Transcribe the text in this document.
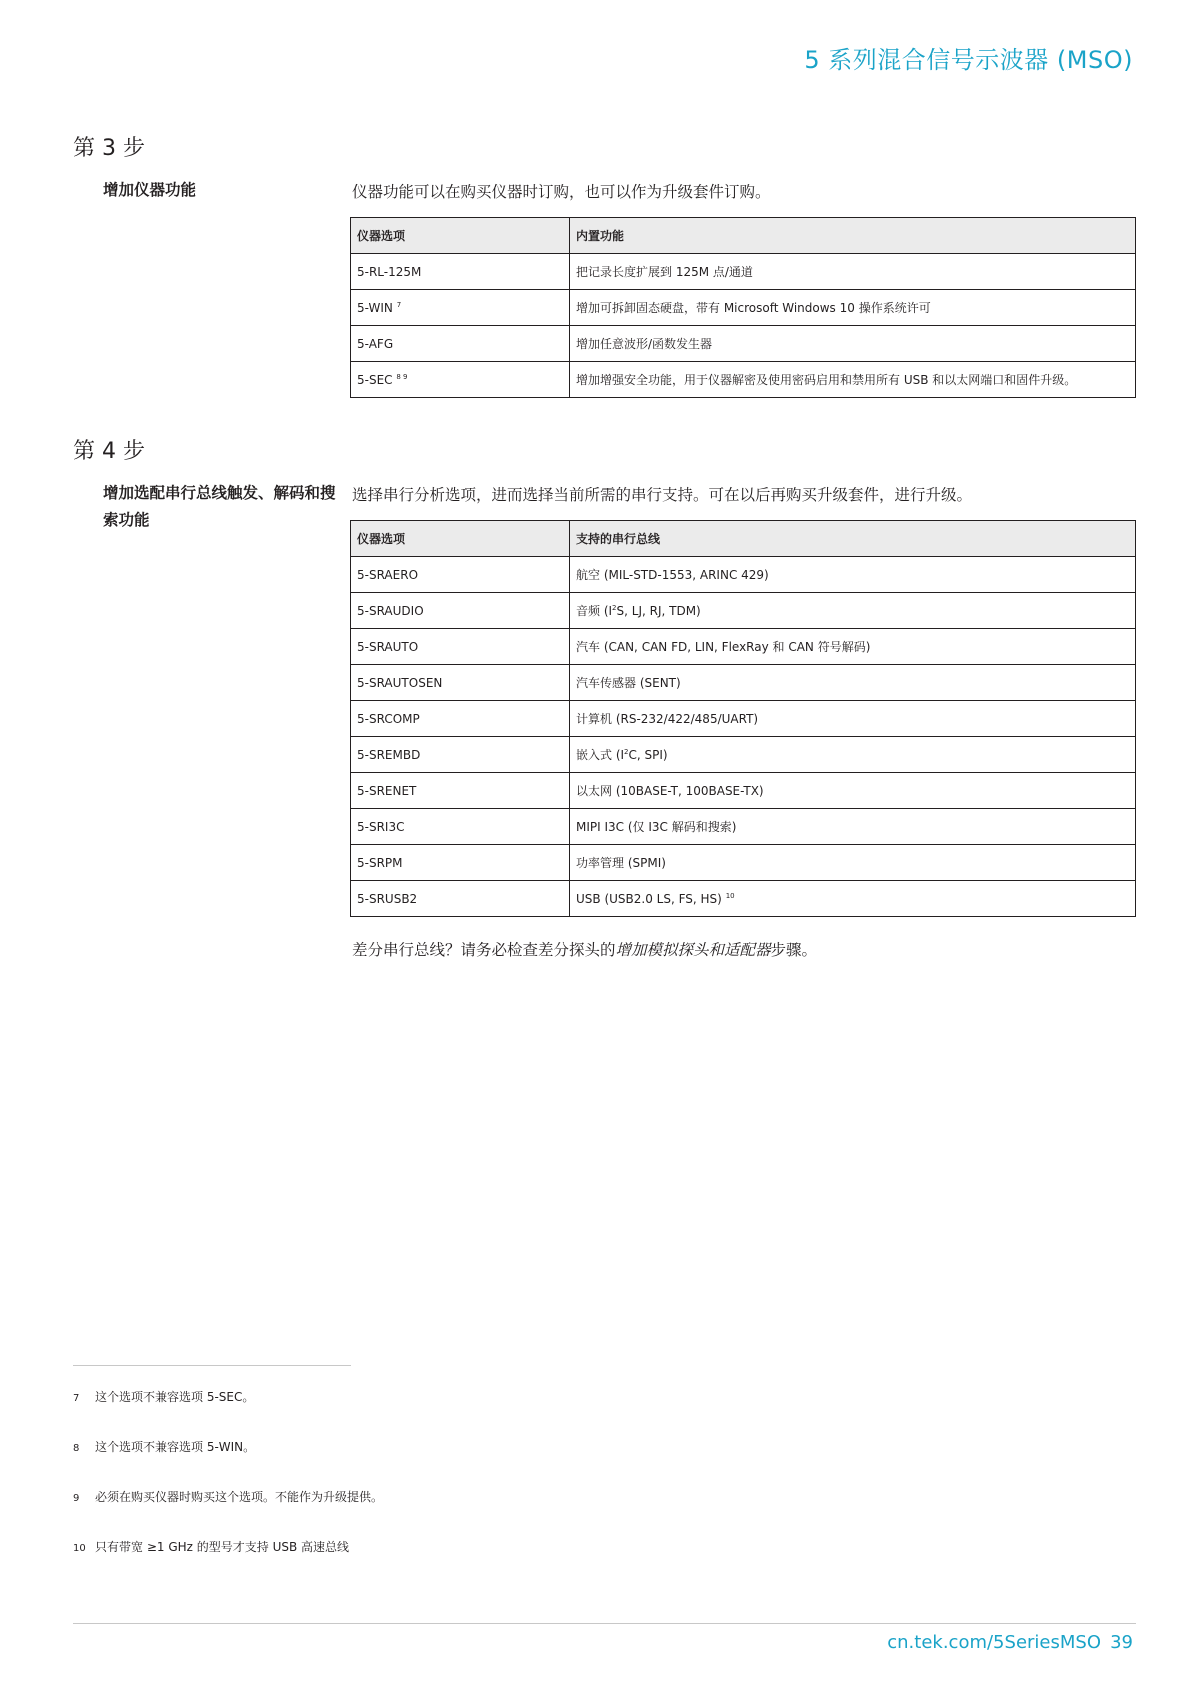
5 系列混合信号示波器 (MSO)
第 3 步
增加仪器功能	仪器功能可以在购买仪器时订购，也可以作为升级套件订购。
仪器选项	内置功能
5-RL-125M	把记录长度扩展到 125M 点/通道
5-WIN $^7$	增加可拆卸固态硬盘，带有 Microsoft Windows 10 操作系统许可
5-AFG	增加任意波形/函数发生器
5-SEC $^{8 9}$	增加增强安全功能，用于仪器解密及使用密码启用和禁用所有 USB 和以太网端口和固件升级。
第 4 步
增加选配串行总线触发、解码和搜索功能
选择串行分析选项，进而选择当前所需的串行支持。可在以后再购买升级套件，进行升级。
仪器选项	支持的串行总线
5-SRAERO	航空 (MIL-STD-1553, ARINC 429)
5-SRAUDIO	音频 ($I^2S$, LJ, RJ, TDM)
5-SRAUTO	汽车 (CAN, CAN FD, LIN, FlexRay 和 CAN 符号解码)
5-SRAUTOSEN	汽车传感器 (SENT)
5-SRCOMP	计算机 (RS-232/422/485/UART)
5-SREMBD	嵌入式 ($I^2C$, SPI)
5-SRENET	以太网 (10BASE-T, 100BASE-TX)
5-SRI3C	MIPI I3C (仅 I3C 解码和搜索)
5-SRPM	功率管理 (SPMI)
5-SRUSB2	USB (USB2.0 LS, FS, HS) $^{10}$
差分串行总线？请务必检查差分探头的增加模拟探头和适配器步骤。
7 这个选项不兼容选项 5-SEC。
8 这个选项不兼容选项 5-WIN。
9 必须在购买仪器时购买这个选项。不能作为升级提供。
10 只有带宽 ≥1 GHz 的型号才支持 USB 高速总线
cn.tek.com/5SeriesMSO 39
